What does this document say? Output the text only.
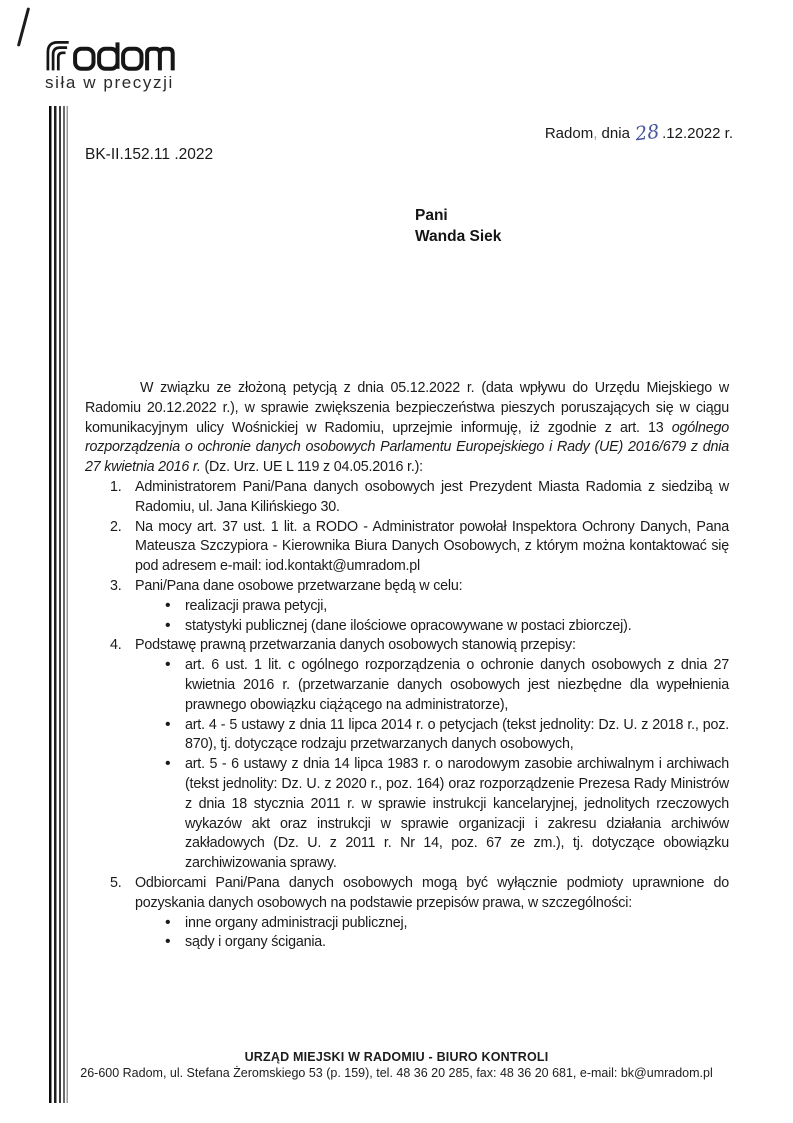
siła w precyzji
Radom, dnia 28 .12.2022 r.
BK-II.152.11 .2022
Pani
Wanda Siek

W związku ze złożoną petycją z dnia 05.12.2022 r. (data wpływu do Urzędu Miejskiego w Radomiu 20.12.2022 r.), w sprawie zwiększenia bezpieczeństwa pieszych poruszających się w ciągu komunikacyjnym ulicy Wośnickiej w Radomiu, uprzejmie informuję, iż zgodnie z art. 13 ogólnego rozporządzenia o ochronie danych osobowych Parlamentu Europejskiego i Rady (UE) 2016/679 z dnia 27 kwietnia 2016 r. (Dz. Urz. UE L 119 z 04.05.2016 r.):

1. Administratorem Pani/Pana danych osobowych jest Prezydent Miasta Radomia z siedzibą w Radomiu, ul. Jana Kilińskiego 30.
2. Na mocy art. 37 ust. 1 lit. a RODO - Administrator powołał Inspektora Ochrony Danych, Pana Mateusza Szczypiora - Kierownika Biura Danych Osobowych, z którym można kontaktować się pod adresem e-mail: iod.kontakt@umradom.pl
3. Pani/Pana dane osobowe przetwarzane będą w celu:
• realizacji prawa petycji,
• statystyki publicznej (dane ilościowe opracowywane w postaci zbiorczej).
4. Podstawę prawną przetwarzania danych osobowych stanowią przepisy:
• art. 6 ust. 1 lit. c ogólnego rozporządzenia o ochronie danych osobowych z dnia 27 kwietnia 2016 r. (przetwarzanie danych osobowych jest niezbędne dla wypełnienia prawnego obowiązku ciążącego na administratorze),
• art. 4 - 5 ustawy z dnia 11 lipca 2014 r. o petycjach (tekst jednolity: Dz. U. z 2018 r., poz. 870), tj. dotyczące rodzaju przetwarzanych danych osobowych,
• art. 5 - 6 ustawy z dnia 14 lipca 1983 r. o narodowym zasobie archiwalnym i archiwach (tekst jednolity: Dz. U. z 2020 r., poz. 164) oraz rozporządzenie Prezesa Rady Ministrów z dnia 18 stycznia 2011 r. w sprawie instrukcji kancelaryjnej, jednolitych rzeczowych wykazów akt oraz instrukcji w sprawie organizacji i zakresu działania archiwów zakładowych (Dz. U. z 2011 r. Nr 14, poz. 67 ze zm.), tj. dotyczące obowiązku zarchiwizowania sprawy.
5. Odbiorcami Pani/Pana danych osobowych mogą być wyłącznie podmioty uprawnione do pozyskania danych osobowych na podstawie przepisów prawa, w szczególności:
• inne organy administracji publicznej,
• sądy i organy ścigania.
URZĄD MIEJSKI W RADOMIU - BIURO KONTROLI
26-600 Radom, ul. Stefana Żeromskiego 53 (p. 159), tel. 48 36 20 285, fax: 48 36 20 681, e-mail: bk@umradom.pl
